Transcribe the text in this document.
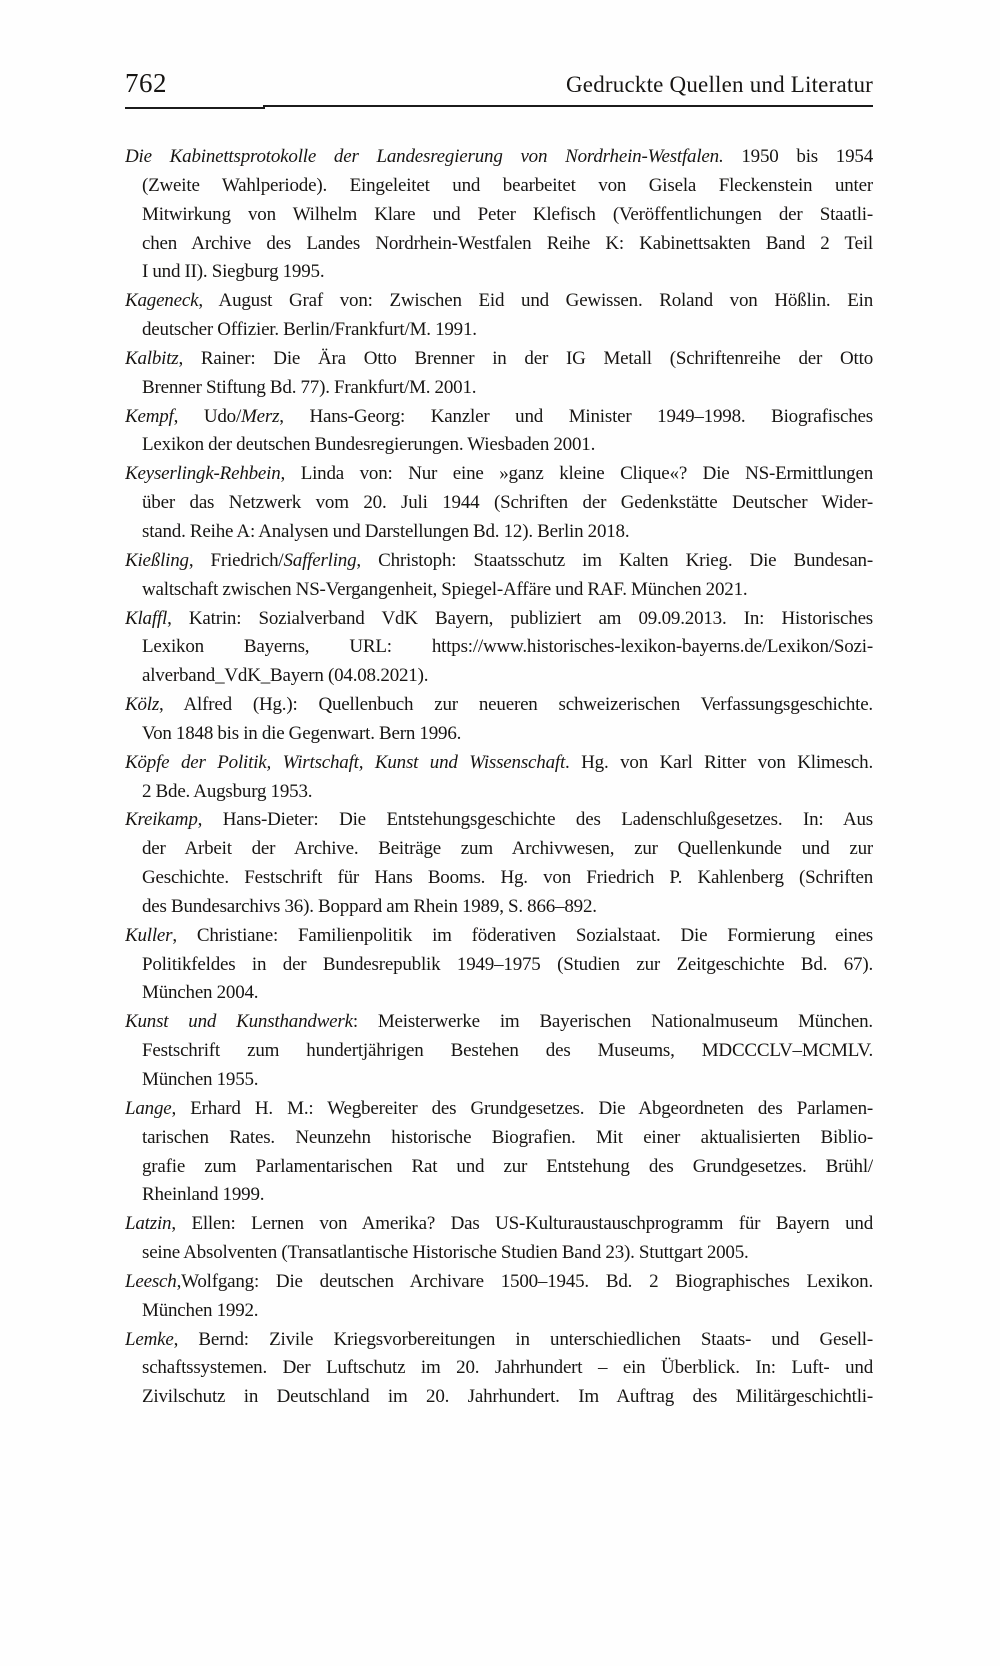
762	Gedruckte Quellen und Literatur
Die Kabinettsprotokolle der Landesregierung von Nordrhein-Westfalen. 1950 bis 1954
(Zweite Wahlperiode). Eingeleitet und bearbeitet von Gisela Fleckenstein unter
Mitwirkung von Wilhelm Klare und Peter Klefisch (Veröffentlichungen der Staatli-
chen Archive des Landes Nordrhein-Westfalen Reihe K: Kabinettsakten Band 2 Teil
I und II). Siegburg 1995.
Kageneck, August Graf von: Zwischen Eid und Gewissen. Roland von Hößlin. Ein
deutscher Offizier. Berlin/Frankfurt/M. 1991.
Kalbitz, Rainer: Die Ära Otto Brenner in der IG Metall (Schriftenreihe der Otto
Brenner Stiftung Bd. 77). Frankfurt/M. 2001.
Kempf, Udo/Merz, Hans-Georg: Kanzler und Minister 1949–1998. Biografisches
Lexikon der deutschen Bundesregierungen. Wiesbaden 2001.
Keyserlingk-Rehbein, Linda von: Nur eine »ganz kleine Clique«? Die NS-Ermittlungen
über das Netzwerk vom 20. Juli 1944 (Schriften der Gedenkstätte Deutscher Wider-
stand. Reihe A: Analysen und Darstellungen Bd. 12). Berlin 2018.
Kießling, Friedrich/Safferling, Christoph: Staatsschutz im Kalten Krieg. Die Bundesan-
waltschaft zwischen NS-Vergangenheit, Spiegel-Affäre und RAF. München 2021.
Klaffl, Katrin: Sozialverband VdK Bayern, publiziert am 09.09.2013. In: Historisches
Lexikon Bayerns, URL: https://www.historisches-lexikon-bayerns.de/Lexikon/Sozi-
alverband_VdK_Bayern (04.08.2021).
Kölz, Alfred (Hg.): Quellenbuch zur neueren schweizerischen Verfassungsgeschichte.
Von 1848 bis in die Gegenwart. Bern 1996.
Köpfe der Politik, Wirtschaft, Kunst und Wissenschaft. Hg. von Karl Ritter von Klimesch.
2 Bde. Augsburg 1953.
Kreikamp, Hans-Dieter: Die Entstehungsgeschichte des Ladenschlußgesetzes. In: Aus
der Arbeit der Archive. Beiträge zum Archivwesen, zur Quellenkunde und zur
Geschichte. Festschrift für Hans Booms. Hg. von Friedrich P. Kahlenberg (Schriften
des Bundesarchivs 36). Boppard am Rhein 1989, S. 866–892.
Kuller, Christiane: Familienpolitik im föderativen Sozialstaat. Die Formierung eines
Politikfeldes in der Bundesrepublik 1949–1975 (Studien zur Zeitgeschichte Bd. 67).
München 2004.
Kunst und Kunsthandwerk: Meisterwerke im Bayerischen Nationalmuseum München.
Festschrift zum hundertjährigen Bestehen des Museums, MDCCCLV–MCMLV.
München 1955.
Lange, Erhard H. M.: Wegbereiter des Grundgesetzes. Die Abgeordneten des Parlamen-
tarischen Rates. Neunzehn historische Biografien. Mit einer aktualisierten Biblio-
grafie zum Parlamentarischen Rat und zur Entstehung des Grundgesetzes. Brühl/
Rheinland 1999.
Latzin, Ellen: Lernen von Amerika? Das US-Kulturaustauschprogramm für Bayern und
seine Absolventen (Transatlantische Historische Studien Band 23). Stuttgart 2005.
Leesch,Wolfgang: Die deutschen Archivare 1500–1945. Bd. 2 Biographisches Lexikon.
München 1992.
Lemke, Bernd: Zivile Kriegsvorbereitungen in unterschiedlichen Staats- und Gesell-
schaftssystemen. Der Luftschutz im 20. Jahrhundert – ein Überblick. In: Luft- und
Zivilschutz in Deutschland im 20. Jahrhundert. Im Auftrag des Militärgeschichtli-
